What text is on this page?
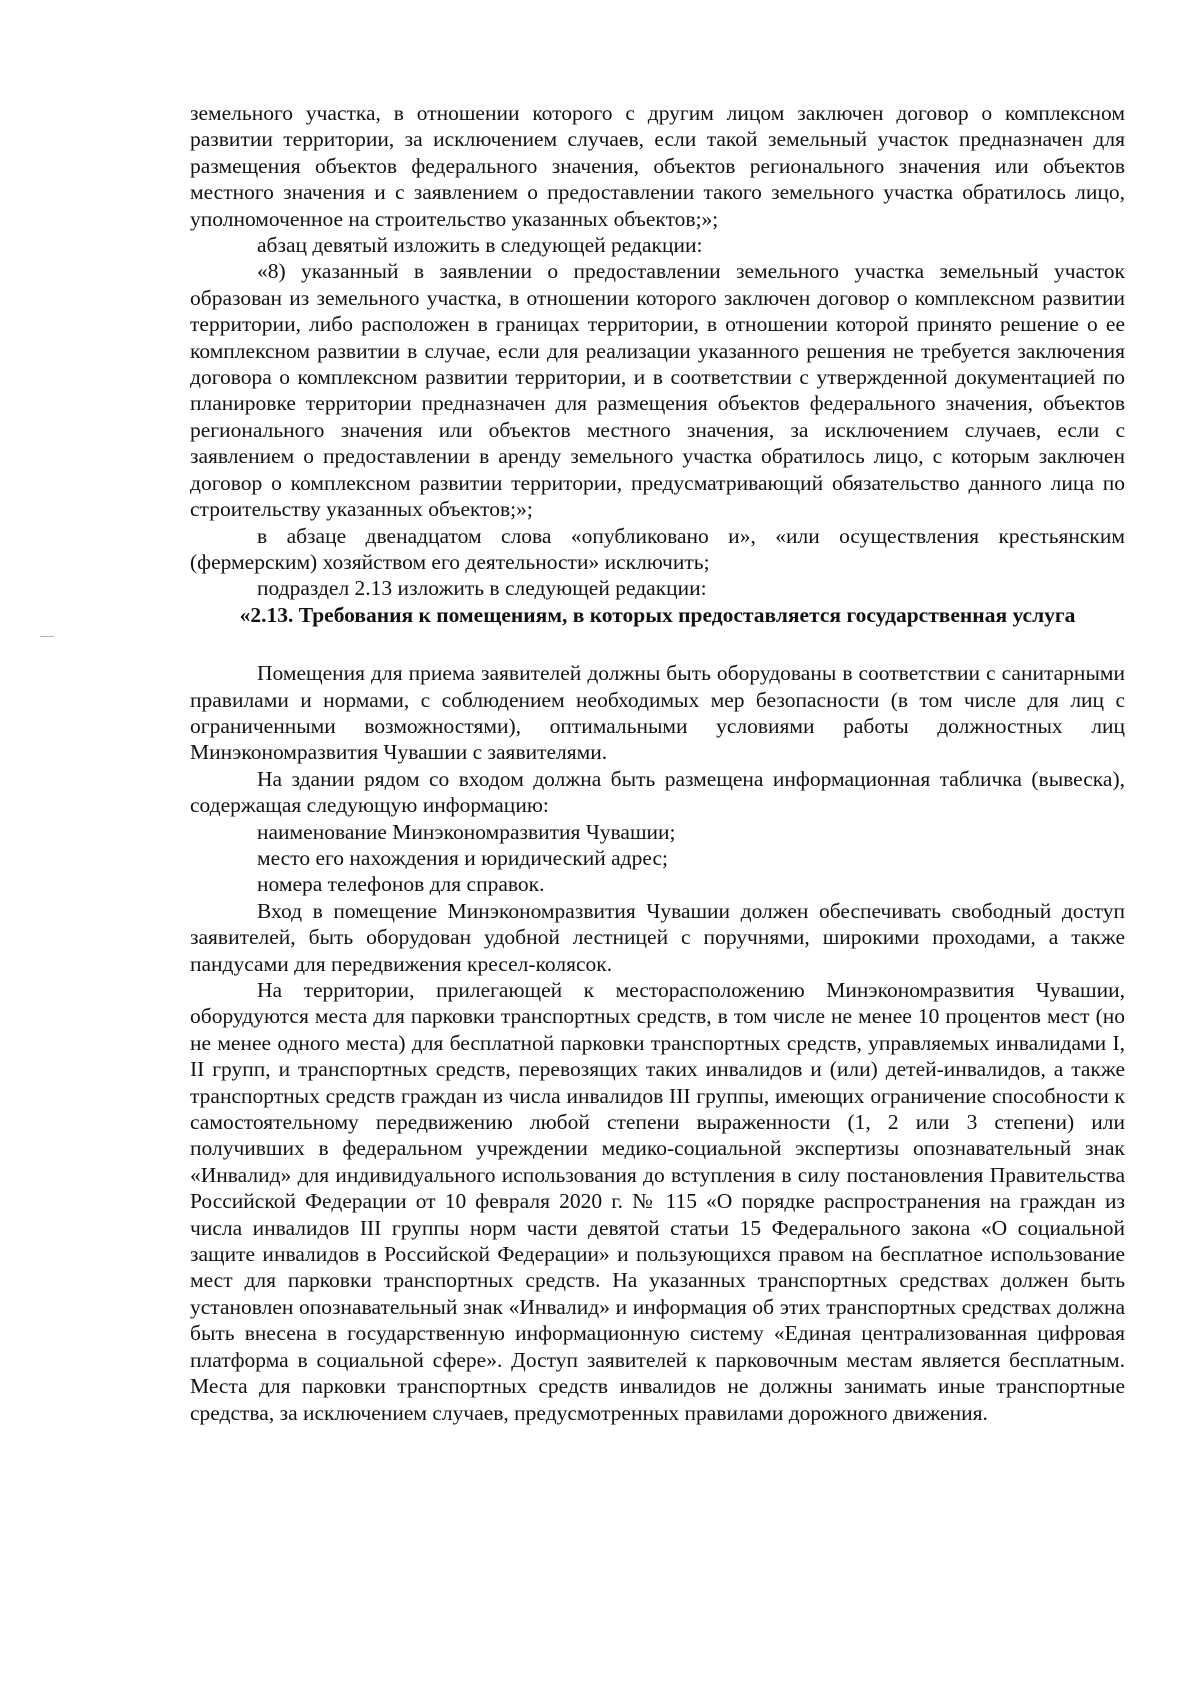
земельного участка, в отношении которого с другим лицом заключен договор о комплексном развитии территории, за исключением случаев, если такой земельный участок предназначен для размещения объектов федерального значения, объектов регионального значения или объектов местного значения и с заявлением о предоставлении такого земельного участка обратилось лицо, уполномоченное на строительство указанных объектов;»;

абзац девятый изложить в следующей редакции:

«8) указанный в заявлении о предоставлении земельного участка земельный участок образован из земельного участка, в отношении которого заключен договор о комплексном развитии территории, либо расположен в границах территории, в отношении которой принято решение о ее комплексном развитии в случае, если для реализации указанного решения не требуется заключения договора о комплексном развитии территории, и в соответствии с утвержденной документацией по планировке территории предназначен для размещения объектов федерального значения, объектов регионального значения или объектов местного значения, за исключением случаев, если с заявлением о предоставлении в аренду земельного участка обратилось лицо, с которым заключен договор о комплексном развитии территории, предусматривающий обязательство данного лица по строительству указанных объектов;»;

в абзаце двенадцатом слова «опубликовано и», «или осуществления крестьянским (фермерским) хозяйством его деятельности» исключить;

подраздел 2.13 изложить в следующей редакции:

«2.13. Требования к помещениям, в которых предоставляется государственная услуга

Помещения для приема заявителей должны быть оборудованы в соответствии с санитарными правилами и нормами, с соблюдением необходимых мер безопасности (в том числе для лиц с ограниченными возможностями), оптимальными условиями работы должностных лиц Минэкономразвития Чувашии с заявителями.

На здании рядом со входом должна быть размещена информационная табличка (вывеска), содержащая следующую информацию:

наименование Минэкономразвития Чувашии;

место его нахождения и юридический адрес;

номера телефонов для справок.

Вход в помещение Минэкономразвития Чувашии должен обеспечивать свободный доступ заявителей, быть оборудован удобной лестницей с поручнями, широкими проходами, а также пандусами для передвижения кресел-колясок.

На территории, прилегающей к месторасположению Минэкономразвития Чувашии, оборудуются места для парковки транспортных средств, в том числе не менее 10 процентов мест (но не менее одного места) для бесплатной парковки транспортных средств, управляемых инвалидами I, II групп, и транспортных средств, перевозящих таких инвалидов и (или) детей-инвалидов, а также транспортных средств граждан из числа инвалидов III группы, имеющих ограничение способности к самостоятельному передвижению любой степени выраженности (1, 2 или 3 степени) или получивших в федеральном учреждении медико-социальной экспертизы опознавательный знак «Инвалид» для индивидуального использования до вступления в силу постановления Правительства Российской Федерации от 10 февраля 2020 г. № 115 «О порядке распространения на граждан из числа инвалидов III группы норм части девятой статьи 15 Федерального закона «О социальной защите инвалидов в Российской Федерации» и пользующихся правом на бесплатное использование мест для парковки транспортных средств. На указанных транспортных средствах должен быть установлен опознавательный знак «Инвалид» и информация об этих транспортных средствах должна быть внесена в государственную информационную систему «Единая централизованная цифровая платформа в социальной сфере». Доступ заявителей к парковочным местам является бесплатным. Места для парковки транспортных средств инвалидов не должны занимать иные транспортные средства, за исключением случаев, предусмотренных правилами дорожного движения.
